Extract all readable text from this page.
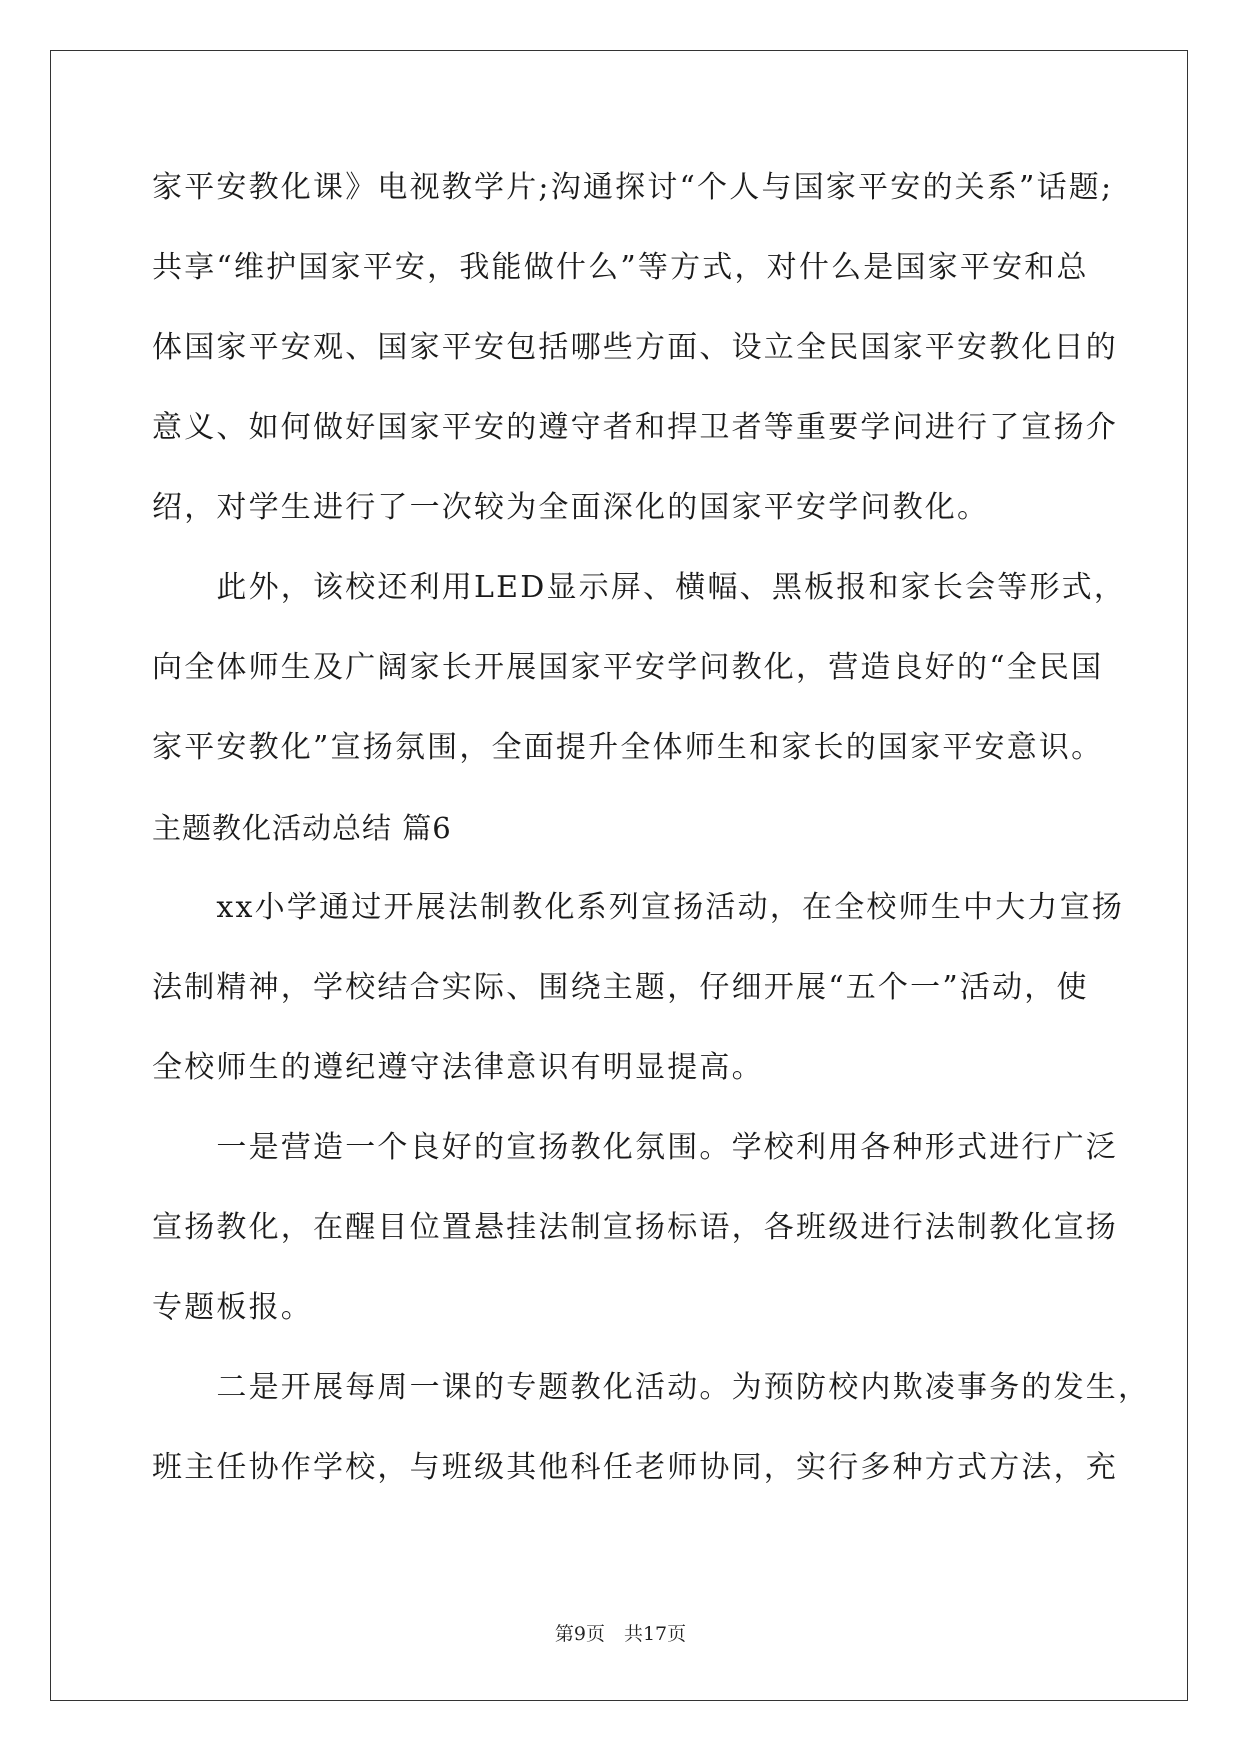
家平安教化课》电视教学片;沟通探讨“个人与国家平安的关系”话题;
共享“维护国家平安，我能做什么”等方式，对什么是国家平安和总
体国家平安观、国家平安包括哪些方面、设立全民国家平安教化日的
意义、如何做好国家平安的遵守者和捍卫者等重要学问进行了宣扬介
绍，对学生进行了一次较为全面深化的国家平安学问教化。
　　此外，该校还利用LED显示屏、横幅、黑板报和家长会等形式，
向全体师生及广阔家长开展国家平安学问教化，营造良好的“全民国
家平安教化”宣扬氛围，全面提升全体师生和家长的国家平安意识。
主题教化活动总结 篇6
　　xx小学通过开展法制教化系列宣扬活动，在全校师生中大力宣扬
法制精神，学校结合实际、围绕主题，仔细开展“五个一”活动，使
全校师生的遵纪遵守法律意识有明显提高。
　　一是营造一个良好的宣扬教化氛围。学校利用各种形式进行广泛
宣扬教化，在醒目位置悬挂法制宣扬标语，各班级进行法制教化宣扬
专题板报。
　　二是开展每周一课的专题教化活动。为预防校内欺凌事务的发生，
班主任协作学校，与班级其他科任老师协同，实行多种方式方法，充
第9页　共17页
